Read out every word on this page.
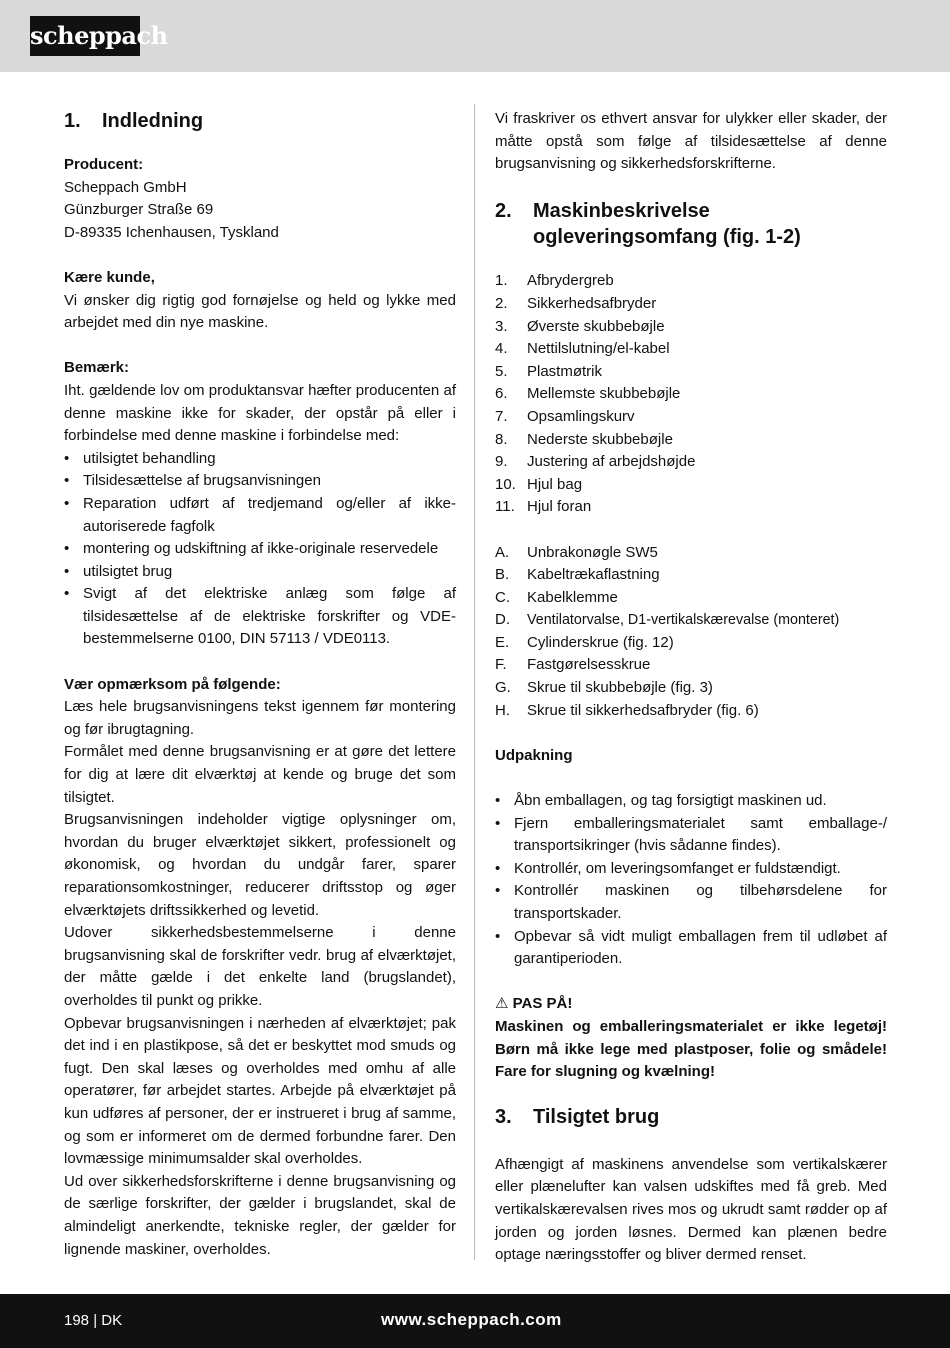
scheppach
1.	Indledning

Producent:

Scheppach GmbH

Günzburger Straße 69

D-89335 Ichenhausen, Tyskland

Kære kunde,

Vi ønsker dig rigtig god fornøjelse og held og lykke med arbejdet med din nye maskine.

Bemærk:

Iht. gældende lov om produktansvar hæfter producenten af denne maskine ikke for skader, der opstår på eller i forbindelse med denne maskine i forbindelse med:

• utilsigtet behandling
• Tilsidesættelse af brugsanvisningen
• Reparation udført af tredjemand og/eller af ikke-autoriserede fagfolk
• montering og udskiftning af ikke-originale reservedele
• utilsigtet brug
• Svigt af det elektriske anlæg som følge af tilsidesættelse af de elektriske forskrifter og VDE-bestemmelserne 0100, DIN 57113 / VDE0113.

Vær opmærksom på følgende:

Læs hele brugsanvisningens tekst igennem før montering og før ibrugtagning.

Formålet med denne brugsanvisning er at gøre det lettere for dig at lære dit elværktøj at kende og bruge det som tilsigtet.

Brugsanvisningen indeholder vigtige oplysninger om, hvordan du bruger elværktøjet sikkert, professionelt og økonomisk, og hvordan du undgår farer, sparer reparationsomkostninger, reducerer driftsstop og øger elværktøjets driftssikkerhed og levetid.

Udover sikkerhedsbestemmelserne i denne brugsanvisning skal de forskrifter vedr. brug af elværktøjet, der måtte gælde i det enkelte land (brugslandet), overholdes til punkt og prikke.

Opbevar brugsanvisningen i nærheden af elværktøjet; pak det ind i en plastikpose, så det er beskyttet mod smuds og fugt. Den skal læses og overholdes med omhu af alle operatører, før arbejdet startes. Arbejde på elværktøjet på kun udføres af personer, der er instrueret i brug af samme, og som er informeret om de dermed forbundne farer. Den lovmæssige minimumsalder skal overholdes.

Ud over sikkerhedsforskrifterne i denne brugsanvisning og de særlige forskrifter, der gælder i brugslandet, skal de almindeligt anerkendte, tekniske regler, der gælder for lignende maskiner, overholdes.

Vi fraskriver os ethvert ansvar for ulykker eller skader, der måtte opstå som følge af tilsidesættelse af denne brugsanvisning og sikkerhedsforskrifterne.

2.	Maskinbeskrivelse ogleveringsomfang (fig. 1-2)
1.	Afbrydergreb
2.	Sikkerhedsafbryder
3.	Øverste skubbebøjle
4.	Nettilslutning/el-kabel
5.	Plastmøtrik
6.	Mellemste skubbebøjle
7.	Opsamlingskurv
8.	Nederste skubbebøjle
9.	Justering af arbejdshøjde
10. Hjul bag
11. Hjul foran
A.	Unbrakonøgle SW5
B.	Kabeltrækaflastning
C.	Kabelklemme
D.	Ventilatorvalse, D1-vertikalskærevalse (monteret)
E.	Cylinderskrue (fig. 12)
F.	Fastgørelsesskrue
G.	Skrue til skubbebøjle (fig. 3)
H.	Skrue til sikkerhedsafbryder (fig. 6)

Udpakning

• Åbn emballagen, og tag forsigtigt maskinen ud.
• Fjern emballeringsmaterialet samt emballage-/ transportsikringer (hvis sådanne findes).
• Kontrollér, om leveringsomfanget er fuldstændigt.
• Kontrollér maskinen og tilbehørsdelene for transportskader.
• Opbevar så vidt muligt emballagen frem til udløbet af garantiperioden.

⚠ PAS PÅ!

Maskinen og emballeringsmaterialet er ikke legetøj! Børn må ikke lege med plastposer, folie og smådele! Fare for slugning og kvælning!

3.	Tilsigtet brug

Afhængigt af maskinens anvendelse som vertikalskærer eller plænelufter kan valsen udskiftes med få greb. Med vertikalskærevalsen rives mos og ukrudt samt rødder op af jorden og jorden løsnes. Dermed kan plænen bedre optage næringsstoffer og bliver dermed renset.

198 | DK	www.scheppach.com
